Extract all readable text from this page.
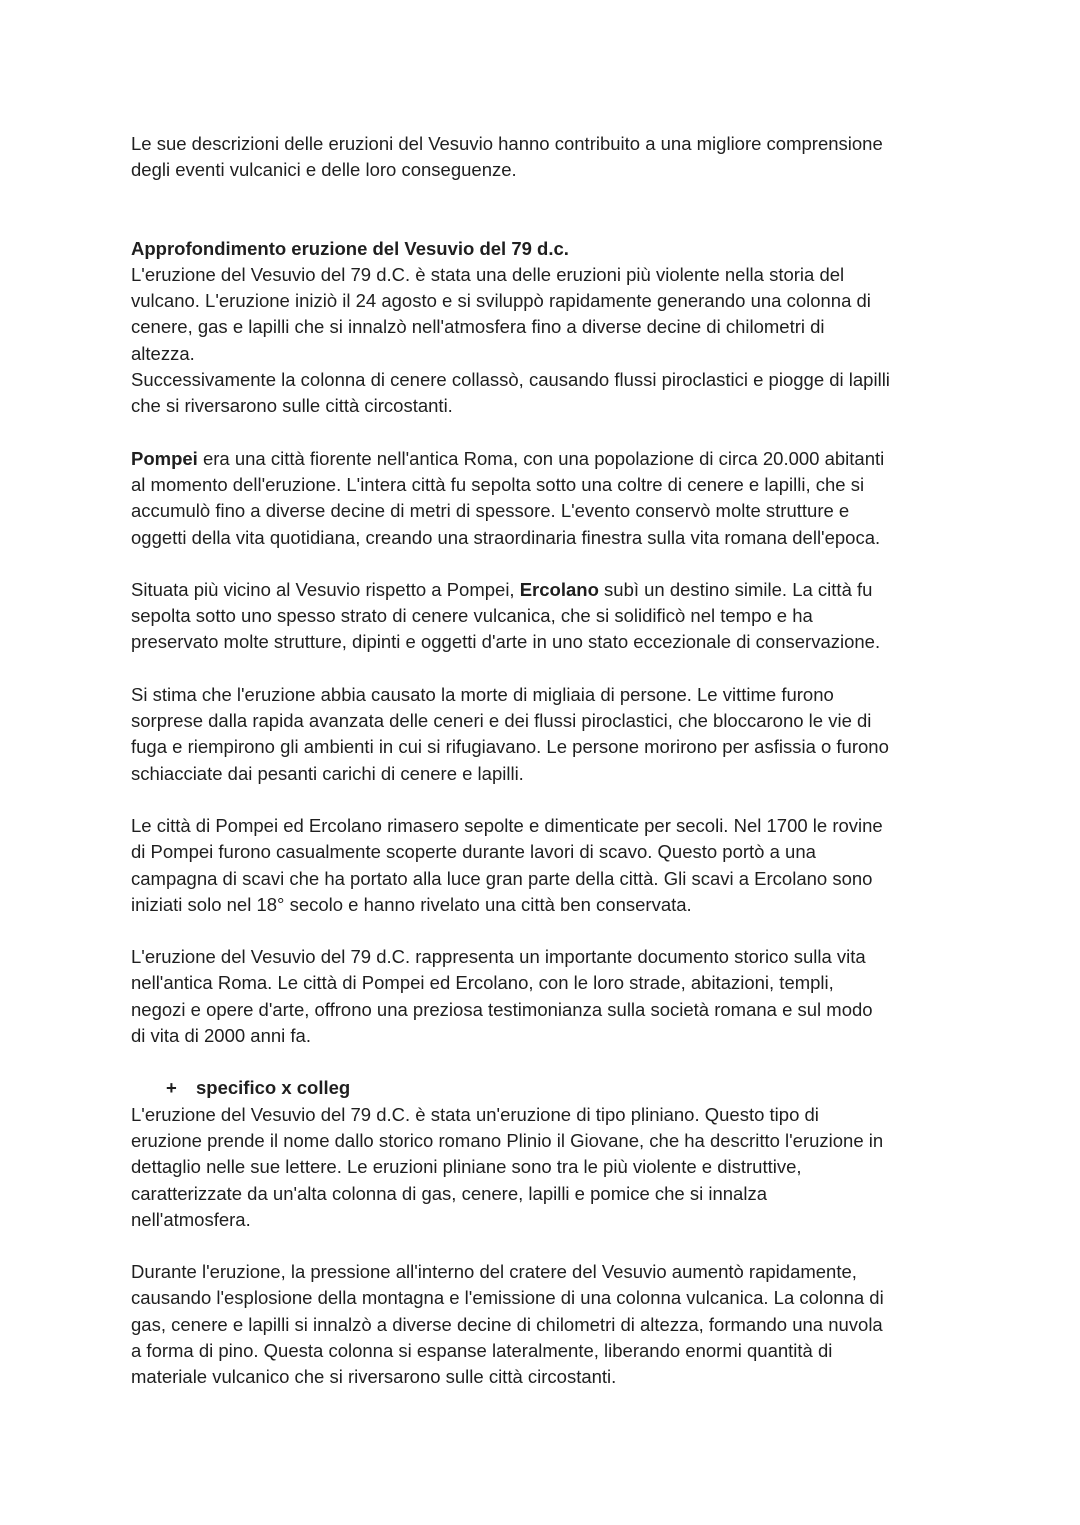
Le sue descrizioni delle eruzioni del Vesuvio hanno contribuito a una migliore comprensione
degli eventi vulcanici e delle loro conseguenze.

Approfondimento eruzione del Vesuvio del 79 d.c.

L'eruzione del Vesuvio del 79 d.C. è stata una delle eruzioni più violente nella storia del
vulcano. L'eruzione iniziò il 24 agosto e si sviluppò rapidamente generando una colonna di
cenere, gas e lapilli che si innalzò nell'atmosfera fino a diverse decine di chilometri di
altezza.
Successivamente la colonna di cenere collassò, causando flussi piroclastici e piogge di lapilli
che si riversarono sulle città circostanti.

Pompei era una città fiorente nell'antica Roma, con una popolazione di circa 20.000 abitanti
al momento dell'eruzione. L'intera città fu sepolta sotto una coltre di cenere e lapilli, che si
accumulò fino a diverse decine di metri di spessore. L'evento conservò molte strutture e
oggetti della vita quotidiana, creando una straordinaria finestra sulla vita romana dell'epoca.

Situata più vicino al Vesuvio rispetto a Pompei, Ercolano subì un destino simile. La città fu
sepolta sotto uno spesso strato di cenere vulcanica, che si solidificò nel tempo e ha
preservato molte strutture, dipinti e oggetti d'arte in uno stato eccezionale di conservazione.

Si stima che l'eruzione abbia causato la morte di migliaia di persone. Le vittime furono
sorprese dalla rapida avanzata delle ceneri e dei flussi piroclastici, che bloccarono le vie di
fuga e riempirono gli ambienti in cui si rifugiavano. Le persone morirono per asfissia o furono
schiacciate dai pesanti carichi di cenere e lapilli.

Le città di Pompei ed Ercolano rimasero sepolte e dimenticate per secoli. Nel 1700 le rovine
di Pompei furono casualmente scoperte durante lavori di scavo. Questo portò a una
campagna di scavi che ha portato alla luce gran parte della città. Gli scavi a Ercolano sono
iniziati solo nel 18° secolo e hanno rivelato una città ben conservata.

L'eruzione del Vesuvio del 79 d.C. rappresenta un importante documento storico sulla vita
nell'antica Roma. Le città di Pompei ed Ercolano, con le loro strade, abitazioni, templi,
negozi e opere d'arte, offrono una preziosa testimonianza sulla società romana e sul modo
di vita di 2000 anni fa.

+	specifico x colleg

L'eruzione del Vesuvio del 79 d.C. è stata un'eruzione di tipo pliniano. Questo tipo di
eruzione prende il nome dallo storico romano Plinio il Giovane, che ha descritto l'eruzione in
dettaglio nelle sue lettere. Le eruzioni pliniane sono tra le più violente e distruttive,
caratterizzate da un'alta colonna di gas, cenere, lapilli e pomice che si innalza
nell'atmosfera.

Durante l'eruzione, la pressione all'interno del cratere del Vesuvio aumentò rapidamente,
causando l'esplosione della montagna e l'emissione di una colonna vulcanica. La colonna di
gas, cenere e lapilli si innalzò a diverse decine di chilometri di altezza, formando una nuvola
a forma di pino. Questa colonna si espanse lateralmente, liberando enormi quantità di
materiale vulcanico che si riversarono sulle città circostanti.
